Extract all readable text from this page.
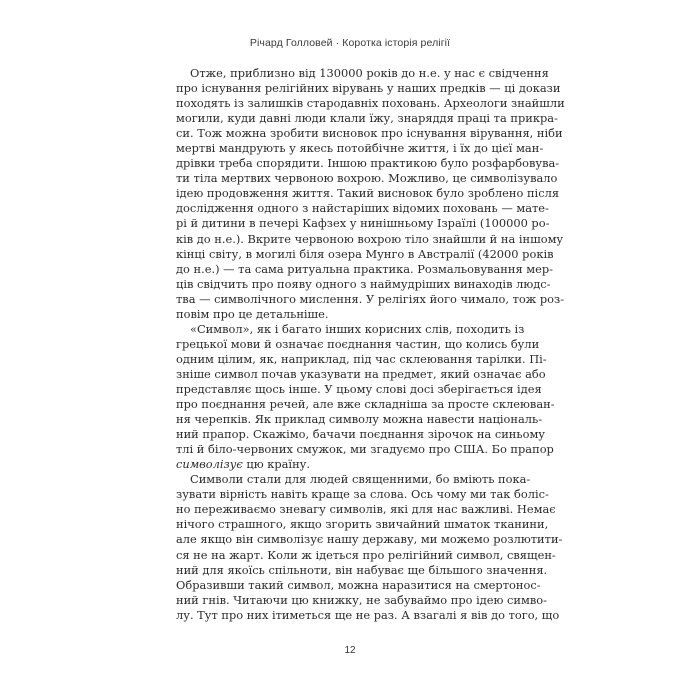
Річард Голловей · Коротка історія релігії
Отже, приблизно від 130000 років до н.е. у нас є свідчення
про існування релігійних вірувань у наших предків — ці докази
походять із залишків стародавніх поховань. Археологи знайшли
могили, куди давні люди клали їжу, знаряддя праці та прикра-
си. Тож можна зробити висновок про існування вірування, ніби
мертві мандрують у якесь потойбічне життя, і їх до цієї ман-
дрівки треба спорядити. Іншою практикою було розфарбовува-
ти тіла мертвих червоною вохрою. Можливо, це символізувало
ідею продовження життя. Такий висновок було зроблено після
дослідження одного з найстаріших відомих поховань — мате-
рі й дитини в печері Кафзех у нинішньому Ізраїлі (100000 ро-
ків до н.е.). Вкрите червоною вохрою тіло знайшли й на іншому
кінці світу, в могилі біля озера Мунго в Австралії (42000 років
до н.е.) — та сама ритуальна практика. Розмальовування мер-
ців свідчить про появу одного з наймудріших винаходів людс-
тва — символічного мислення. У релігіях його чимало, тож роз-
повім про це детальніше.
«Символ», як і багато інших корисних слів, походить із
грецької мови й означає поєднання частин, що колись були
одним цілим, як, наприклад, під час склеювання тарілки. Пі-
зніше символ почав указувати на предмет, який означає або
представляє щось інше. У цьому слові досі зберігається ідея
про поєднання речей, але вже складніша за просте склеюван-
ня черепків. Як приклад символу можна навести національ-
ний прапор. Скажімо, бачачи поєднання зірочок на синьому
тлі й біло-червоних смужок, ми згадуємо про США. Бо прапор
символізує цю країну.
Символи стали для людей священними, бо вміють пока-
зувати вірність навіть краще за слова. Ось чому ми так боліс-
но переживаємо зневагу символів, які для нас важливі. Немає
нічого страшного, якщо згорить звичайний шматок тканини,
але якщо він символізує нашу державу, ми можемо розлютити-
ся не на жарт. Коли ж ідеться про релігійний символ, священ-
ний для якоїсь спільноти, він набуває ще більшого значення.
Образивши такий символ, можна наразитися на смертонос-
ний гнів. Читаючи цю книжку, не забуваймо про ідею симво-
лу. Тут про них ітиметься ще не раз. А взагалі я вів до того, що
12
